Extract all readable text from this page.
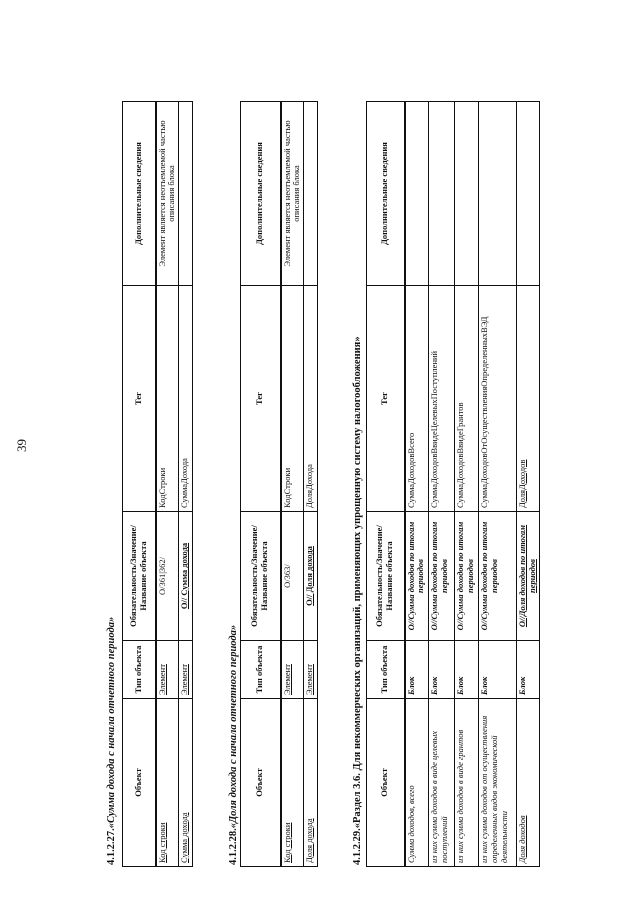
39
4.1.2.27.«Сумма дохода с начала отчетного периода» Объект	Тип объекта	Обязательность/Значение/Название объекта	Тег	Дополнительные сведения
Код строки	Элемент	О/361|362/	КодСтроки	Элемент является неотъемлемой частью описания блока
Сумма дохода	Элемент	О// Сумма дохода	СуммаДохода	
4.1.2.28.«Доля дохода с начала отчетного периода» Объект	Тип объекта	Обязательность/Значение/Название объекта	Тег	Дополнительные сведения
Код строки	Элемент	О/363/	КодСтроки	Элемент является неотъемлемой частью описания блока
Доля дохода	Элемент	О// Доля дохода	ДоляДохода	
4.1.2.29.«Раздел 3.6. Для некоммерческих организаций, применяющих упрощенную систему налогообложения» Объект	Тип объекта	Обязательность/Значение/Название объекта	Тег	Дополнительные сведения
Сумма доходов, всего	Блок	О//Сумма доходов по итогам периодов	СуммаДоходовВсего	
из них сумма доходов в виде целевых поступлений	Блок	О//Сумма доходов по итогам периодов	СуммаДоходовВвидеЦелевыхПоступлений	
из них сумма доходов в виде грантов	Блок	О//Сумма доходов по итогам периодов	СуммаДоходовВвидеГрантов	
из них сумма доходов от осуществления определенных видов экономической деятельности	Блок	О//Сумма доходов по итогам периодов	СуммаДоходовОтОсуществленияОпределенныхВЭД	
Доля доходов	Блок	О//Доля доходов по итогам периодов	ДоляДоходов	
